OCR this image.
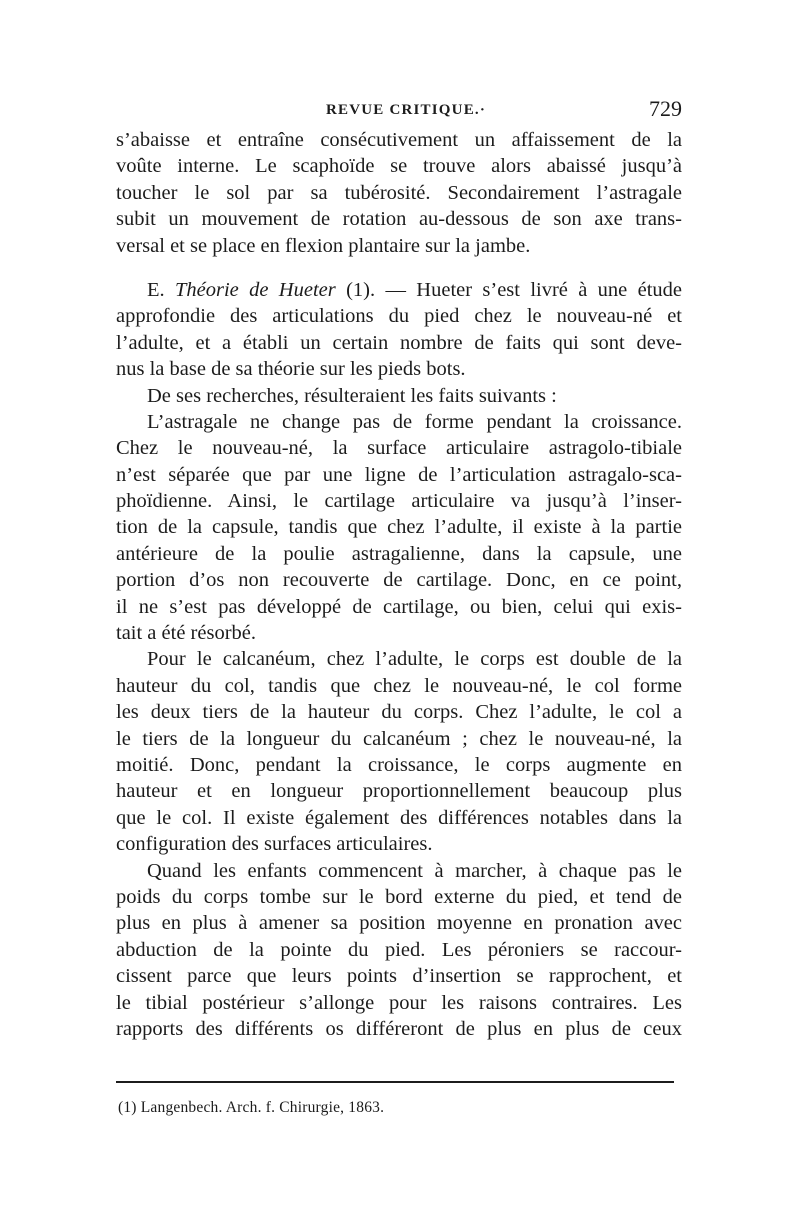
REVUE CRITIQUE.·	729
s’abaisse et entraîne consécutivement un affaissement de la
voûte interne. Le scaphoïde se trouve alors abaissé jusqu’à
toucher le sol par sa tubérosité. Secondairement l’astragale
subit un mouvement de rotation au-dessous de son axe trans-
versal et se place en flexion plantaire sur la jambe.
E. Théorie de Hueter (1). — Hueter s’est livré à une étude
approfondie des articulations du pied chez le nouveau-né et
l’adulte, et a établi un certain nombre de faits qui sont deve-
nus la base de sa théorie sur les pieds bots.
De ses recherches, résulteraient les faits suivants :
L’astragale ne change pas de forme pendant la croissance.
Chez le nouveau-né, la surface articulaire astragolo-tibiale
n’est séparée que par une ligne de l’articulation astragalo-sca-
phoïdienne. Ainsi, le cartilage articulaire va jusqu’à l’inser-
tion de la capsule, tandis que chez l’adulte, il existe à la partie
antérieure de la poulie astragalienne, dans la capsule, une
portion d’os non recouverte de cartilage. Donc, en ce point,
il ne s’est pas développé de cartilage, ou bien, celui qui exis-
tait a été résorbé.
Pour le calcanéum, chez l’adulte, le corps est double de la
hauteur du col, tandis que chez le nouveau-né, le col forme
les deux tiers de la hauteur du corps. Chez l’adulte, le col a
le tiers de la longueur du calcanéum ; chez le nouveau-né, la
moitié. Donc, pendant la croissance, le corps augmente en
hauteur et en longueur proportionnellement beaucoup plus
que le col. Il existe également des différences notables dans la
configuration des surfaces articulaires.
Quand les enfants commencent à marcher, à chaque pas le
poids du corps tombe sur le bord externe du pied, et tend de
plus en plus à amener sa position moyenne en pronation avec
abduction de la pointe du pied. Les péroniers se raccour-
cissent parce que leurs points d’insertion se rapprochent, et
le tibial postérieur s’allonge pour les raisons contraires. Les
rapports des différents os différeront de plus en plus de ceux
(1) Langenbech. Arch. f. Chirurgie, 1863.
